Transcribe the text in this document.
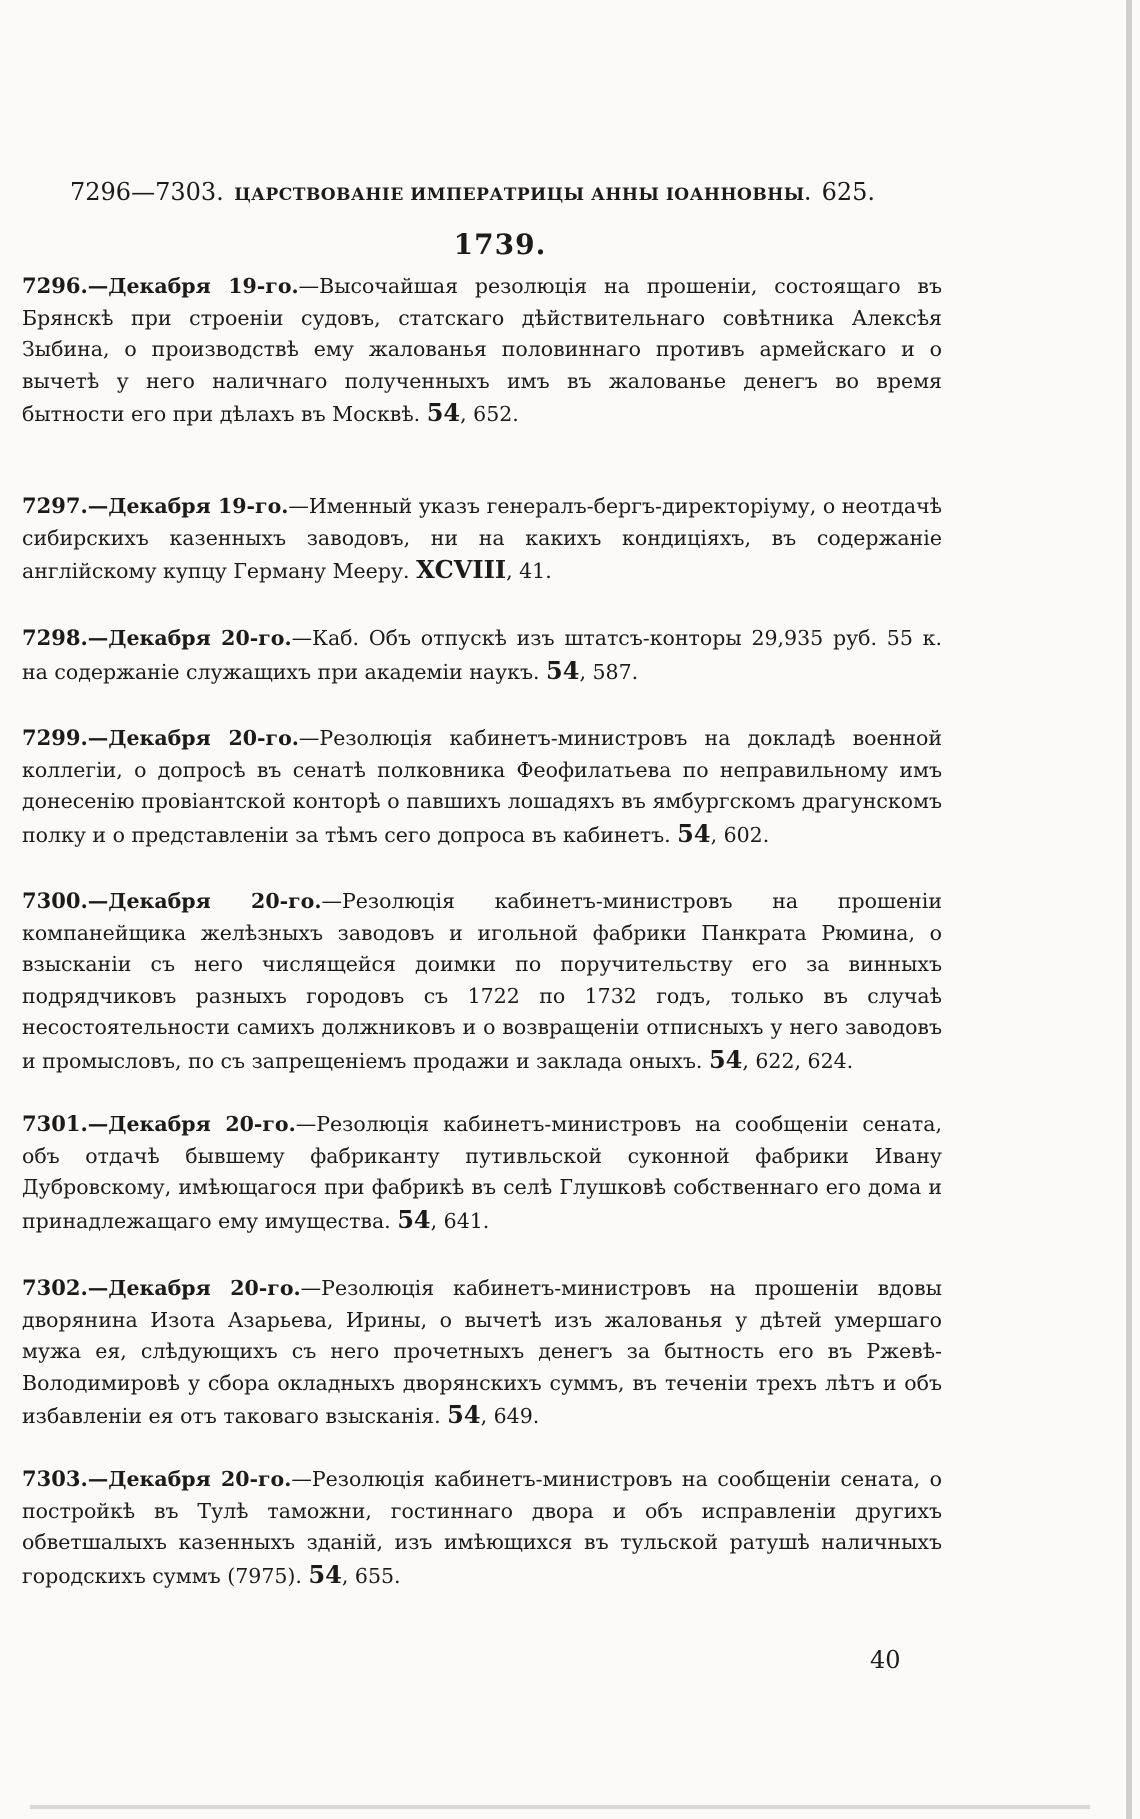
7296—7303. ЦАРСТВОВАНІЕ ИМПЕРАТРИЦЫ АННЫ ІОАННОВНЫ. 625.
1739.

7296.—Декабря 19-го.—Высочайшая резолюція на прошеніи, состоящаго въ Брянскѣ при строеніи судовъ, статскаго дѣйствительнаго совѣтника Алексѣя Зыбина, о производствѣ ему жалованья половиннаго противъ армейскаго и о вычетѣ у него наличнаго полученныхъ имъ въ жалованье денегъ во время бытности его при дѣлахъ въ Москвѣ. 54, 652.

7297.—Декабря 19-го.—Именный указъ генералъ-бергъ-директоріуму, о неотдачѣ сибирскихъ казенныхъ заводовъ, ни на какихъ кондиціяхъ, въ содержаніе англійскому купцу Герману Мееру. ХСVIII, 41.

7298.—Декабря 20-го.—Каб. Объ отпускѣ изъ штатсъ-конторы 29,935 руб. 55 к. на содержаніе служащихъ при академіи наукъ. 54, 587.

7299.—Декабря 20-го.—Резолюція кабинетъ-министровъ на докладѣ военной коллегіи, о допросѣ въ сенатѣ полковника Феофилатьева по неправильному имъ донесенію провіантской конторѣ о павшихъ лошадяхъ въ ямбургскомъ драгунскомъ полку и о представленіи за тѣмъ сего допроса въ кабинетъ. 54, 602.

7300.—Декабря 20-го.—Резолюція кабинетъ-министровъ на прошеніи компанейщика желѣзныхъ заводовъ и игольной фабрики Панкрата Рюмина, о взысканіи съ него числящейся доимки по поручительству его за винныхъ подрядчиковъ разныхъ городовъ съ 1722 по 1732 годъ, только въ случаѣ несостоятельности самихъ должниковъ и о возвращеніи отписныхъ у него заводовъ и промысловъ, по съ запрещеніемъ продажи и заклада оныхъ. 54, 622, 624.

7301.—Декабря 20-го.—Резолюція кабинетъ-министровъ на сообщеніи сената, объ отдачѣ бывшему фабриканту путивльской суконной фабрики Ивану Дубровскому, имѣющагося при фабрикѣ въ селѣ Глушковѣ собственнаго его дома и принадлежащаго ему имущества. 54, 641.

7302.—Декабря 20-го.—Резолюція кабинетъ-министровъ на прошеніи вдовы дворянина Изота Азарьева, Ирины, о вычетѣ изъ жалованья у дѣтей умершаго мужа ея, слѣдующихъ съ него прочетныхъ денегъ за бытность его въ Ржевѣ-Володимировѣ у сбора окладныхъ дворянскихъ суммъ, въ теченіи трехъ лѣтъ и объ избавленіи ея отъ таковаго взысканія. 54, 649.

7303.—Декабря 20-го.—Резолюція кабинетъ-министровъ на сообщеніи сената, о постройкѣ въ Тулѣ таможни, гостиннаго двора и объ исправленіи другихъ обветшалыхъ казенныхъ зданій, изъ имѣющихся въ тульской ратушѣ наличныхъ городскихъ суммъ (7975). 54, 655.

40
